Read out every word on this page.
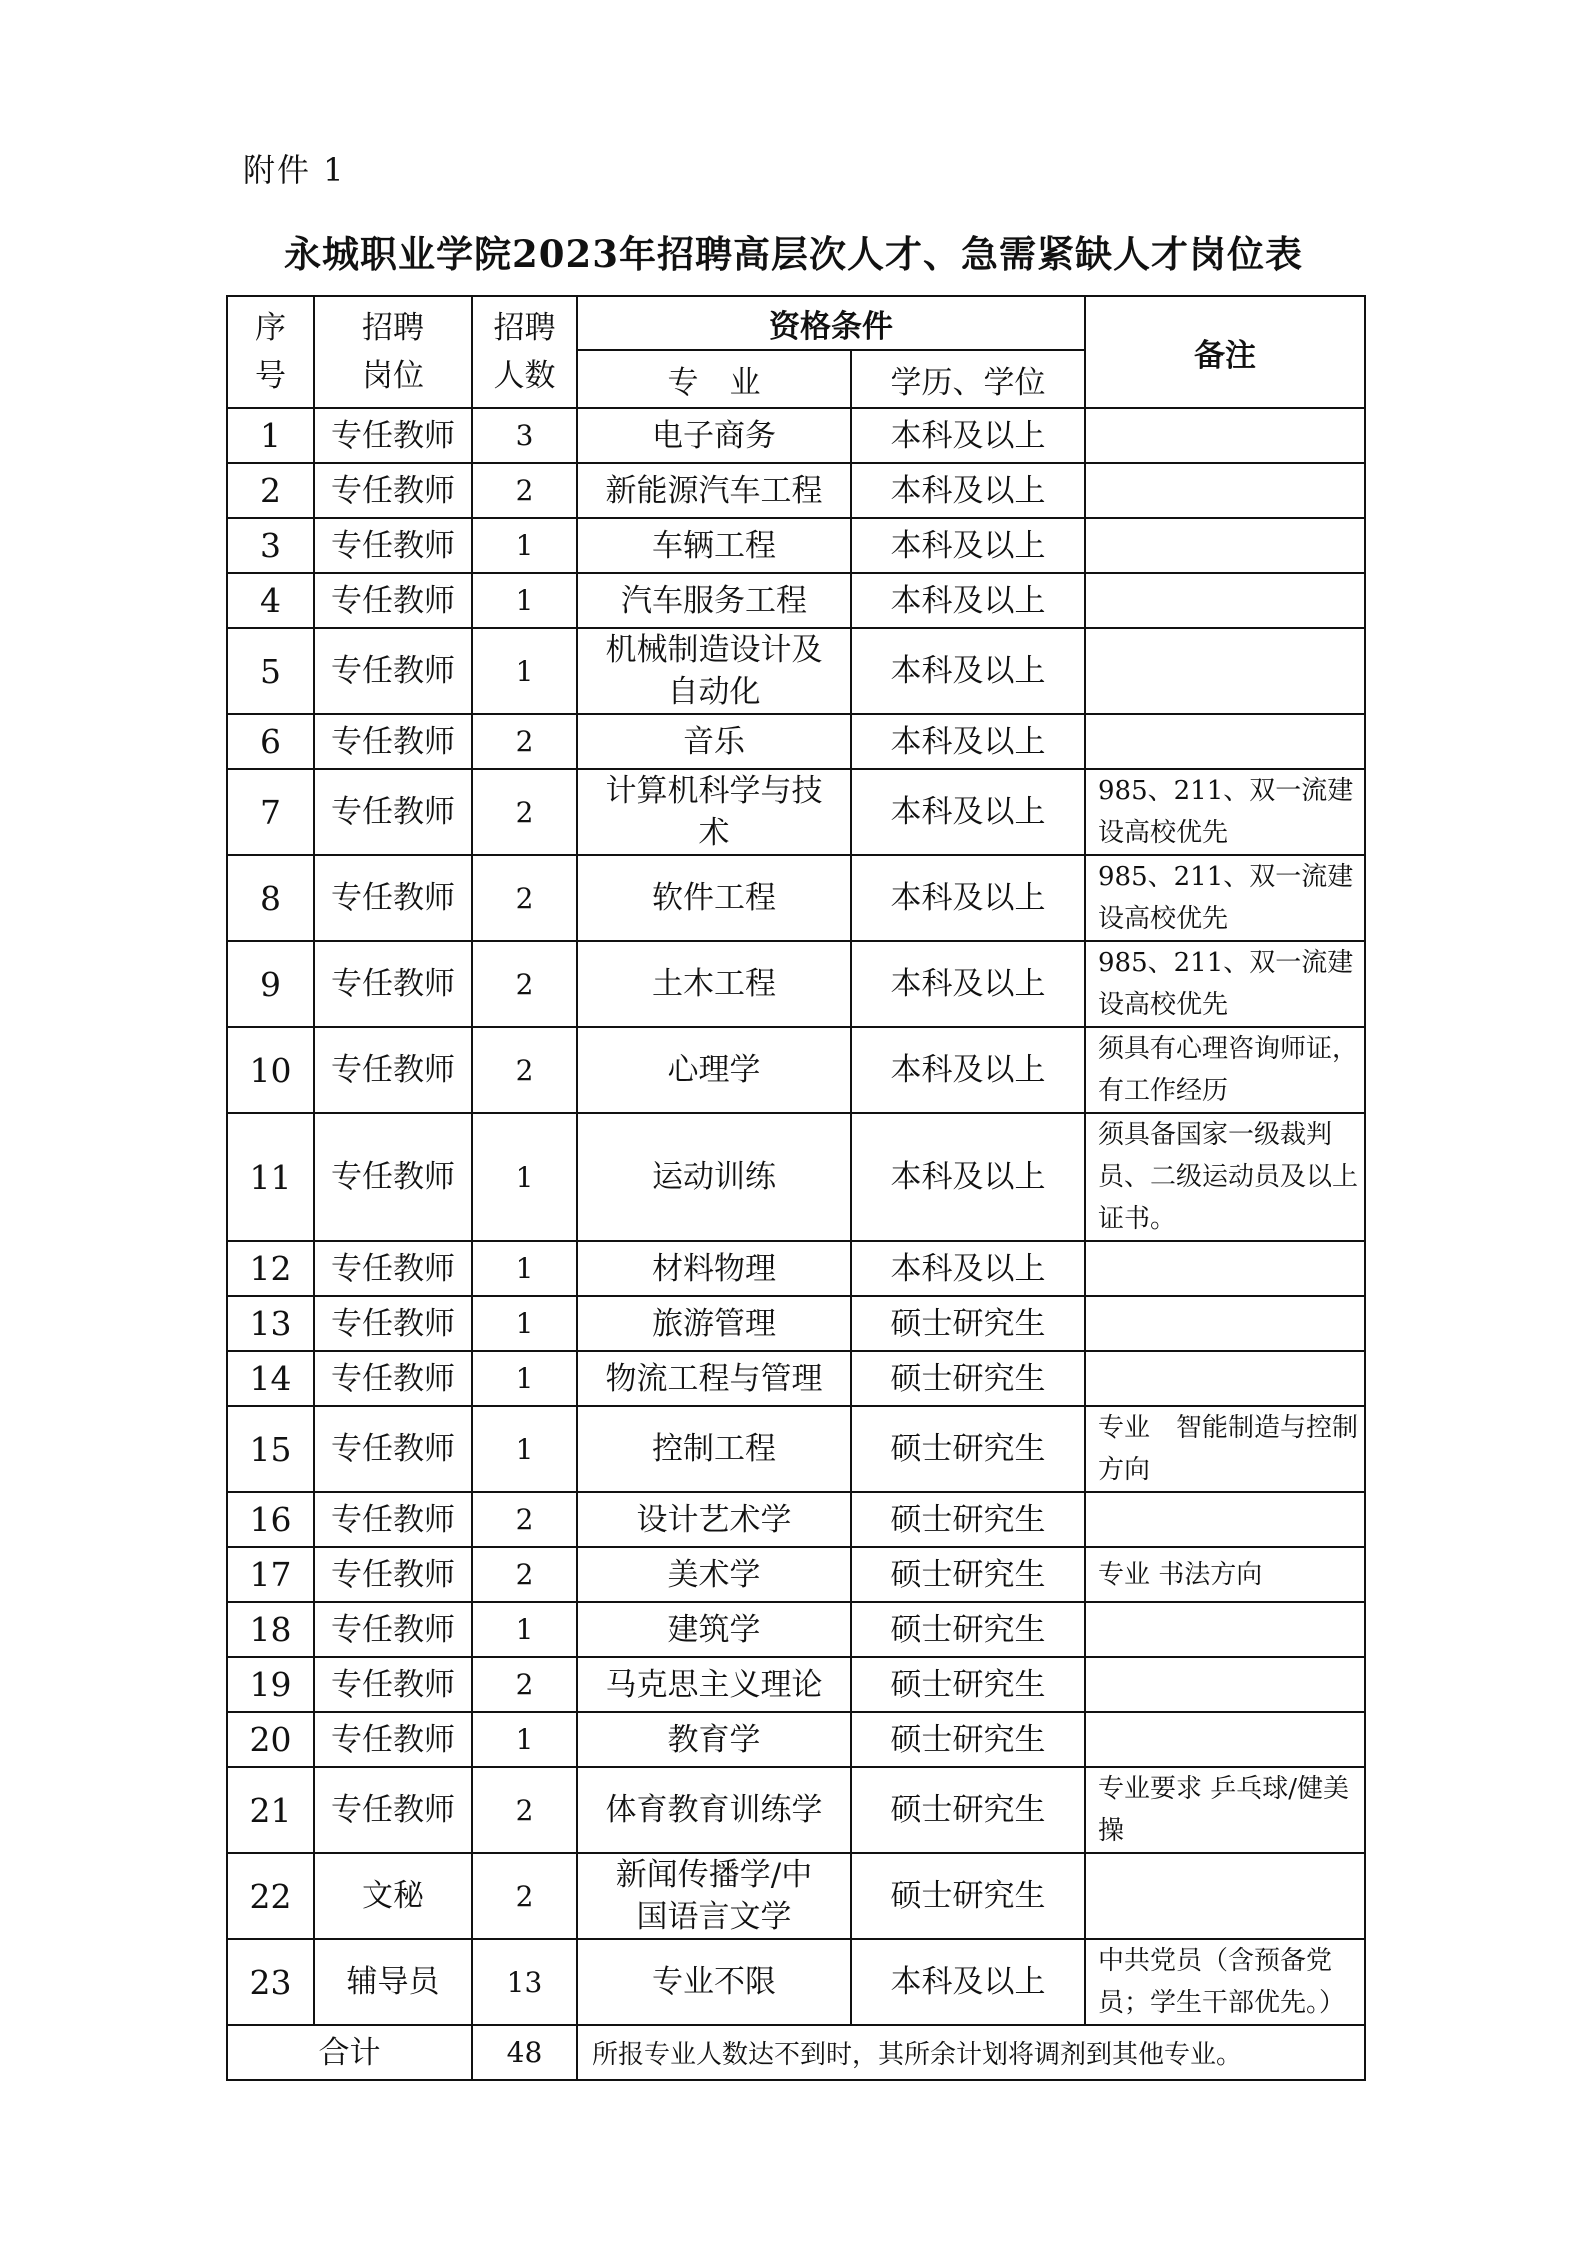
附件 1
永城职业学院2023年招聘高层次人才、急需紧缺人才岗位表
序号	招聘岗位	招聘人数	资格条件		备注
			专　业	学历、学位	
1	专任教师	3	电子商务	本科及以上	
2	专任教师	2	新能源汽车工程	本科及以上	
3	专任教师	1	车辆工程	本科及以上	
4	专任教师	1	汽车服务工程	本科及以上	
5	专任教师	1	机械制造设计及自动化	本科及以上	
6	专任教师	2	音乐	本科及以上	
7	专任教师	2	计算机科学与技术	本科及以上	985、211、双一流建设高校优先
8	专任教师	2	软件工程	本科及以上	985、211、双一流建设高校优先
9	专任教师	2	土木工程	本科及以上	985、211、双一流建设高校优先
10	专任教师	2	心理学	本科及以上	须具有心理咨询师证，有工作经历
11	专任教师	1	运动训练	本科及以上	须具备国家一级裁判员、二级运动员及以上证书。
12	专任教师	1	材料物理	本科及以上	
13	专任教师	1	旅游管理	硕士研究生	
14	专任教师	1	物流工程与管理	硕士研究生	
15	专任教师	1	控制工程	硕士研究生	专业　智能制造与控制方向
16	专任教师	2	设计艺术学	硕士研究生	
17	专任教师	2	美术学	硕士研究生	专业 书法方向
18	专任教师	1	建筑学	硕士研究生	
19	专任教师	2	马克思主义理论	硕士研究生	
20	专任教师	1	教育学	硕士研究生	
21	专任教师	2	体育教育训练学	硕士研究生	专业要求 乒乓球/健美操
22	文秘	2	新闻传播学/中国语言文学	硕士研究生	
23	辅导员	13	专业不限	本科及以上	中共党员（含预备党员；学生干部优先。）
合计		48	所报专业人数达不到时，其所余计划将调剂到其他专业。		
